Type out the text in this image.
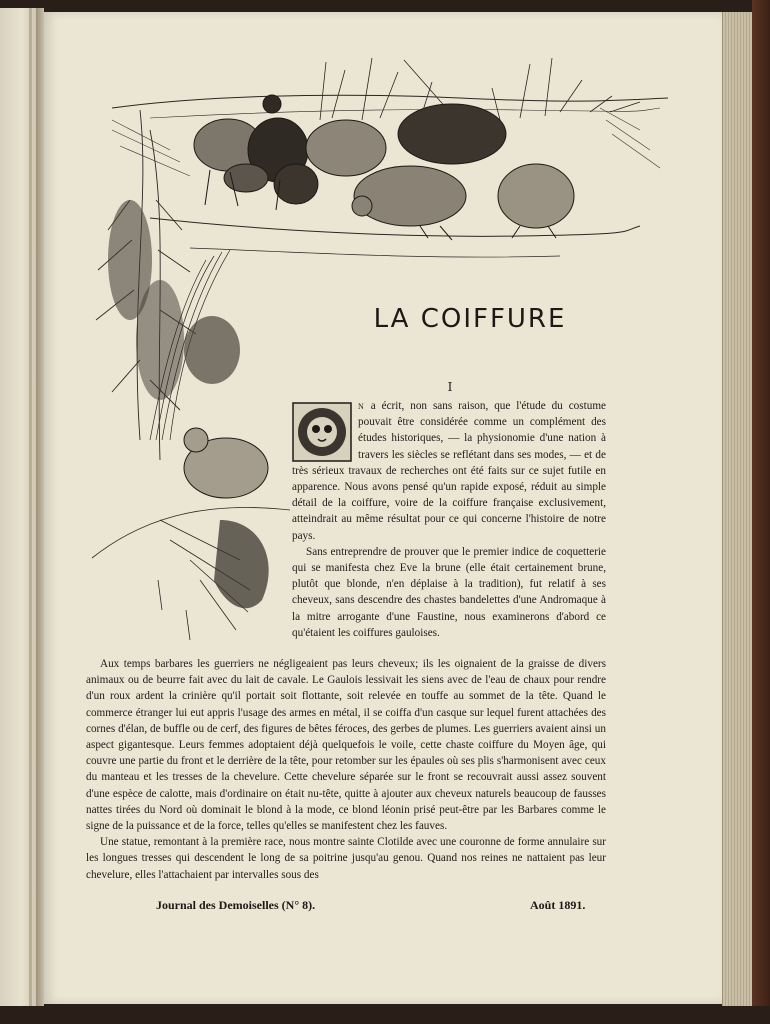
LA COIFFURE
I

n a écrit, non sans raison, que l'étude du costume pouvait être considérée comme un complément des études historiques, — la physionomie d'une nation à travers les siècles se reflétant dans ses modes, — et de très sérieux travaux de recherches ont été faits sur ce sujet futile en apparence. Nous avons pensé qu'un rapide exposé, réduit au simple détail de la coiffure, voire de la coiffure française exclusivement, atteindrait au même résultat pour ce qui concerne l'histoire de notre pays.

Sans entreprendre de prouver que le premier indice de coquetterie qui se manifesta chez Eve la brune (elle était certainement brune, plutôt que blonde, n'en déplaise à la tradition), fut relatif à ses cheveux, sans descendre des chastes bandelettes d'une Andromaque à la mitre arrogante d'une Faustine, nous examinerons d'abord ce qu'étaient les coiffures gauloises.

Aux temps barbares les guerriers ne négligeaient pas leurs cheveux; ils les oignaient de la graisse de divers animaux ou de beurre fait avec du lait de cavale. Le Gaulois lessivait les siens avec de l'eau de chaux pour rendre d'un roux ardent la crinière qu'il portait soit flottante, soit relevée en touffe au sommet de la tête. Quand le commerce étranger lui eut appris l'usage des armes en métal, il se coiffa d'un casque sur lequel furent attachées des cornes d'élan, de buffle ou de cerf, des figures de bêtes féroces, des gerbes de plumes. Les guerriers avaient ainsi un aspect gigantesque. Leurs femmes adoptaient déjà quelquefois le voile, cette chaste coiffure du Moyen âge, qui couvre une partie du front et le derrière de la tête, pour retomber sur les épaules où ses plis s'harmonisent avec ceux du manteau et les tresses de la chevelure. Cette chevelure séparée sur le front se recouvrait aussi assez souvent d'une espèce de calotte, mais d'ordinaire on était nu-tête, quitte à ajouter aux cheveux naturels beaucoup de fausses nattes tirées du Nord où dominait le blond à la mode, ce blond léonin prisé peut-être par les Barbares comme le signe de la puissance et de la force, telles qu'elles se manifestent chez les fauves.

Une statue, remontant à la première race, nous montre sainte Clotilde avec une couronne de forme annulaire sur les longues tresses qui descendent le long de sa poitrine jusqu'au genou. Quand nos reines ne nattaient pas leur chevelure, elles l'attachaient par intervalles sous des

Journal des Demoiselles (N° 8).	Août 1891.
